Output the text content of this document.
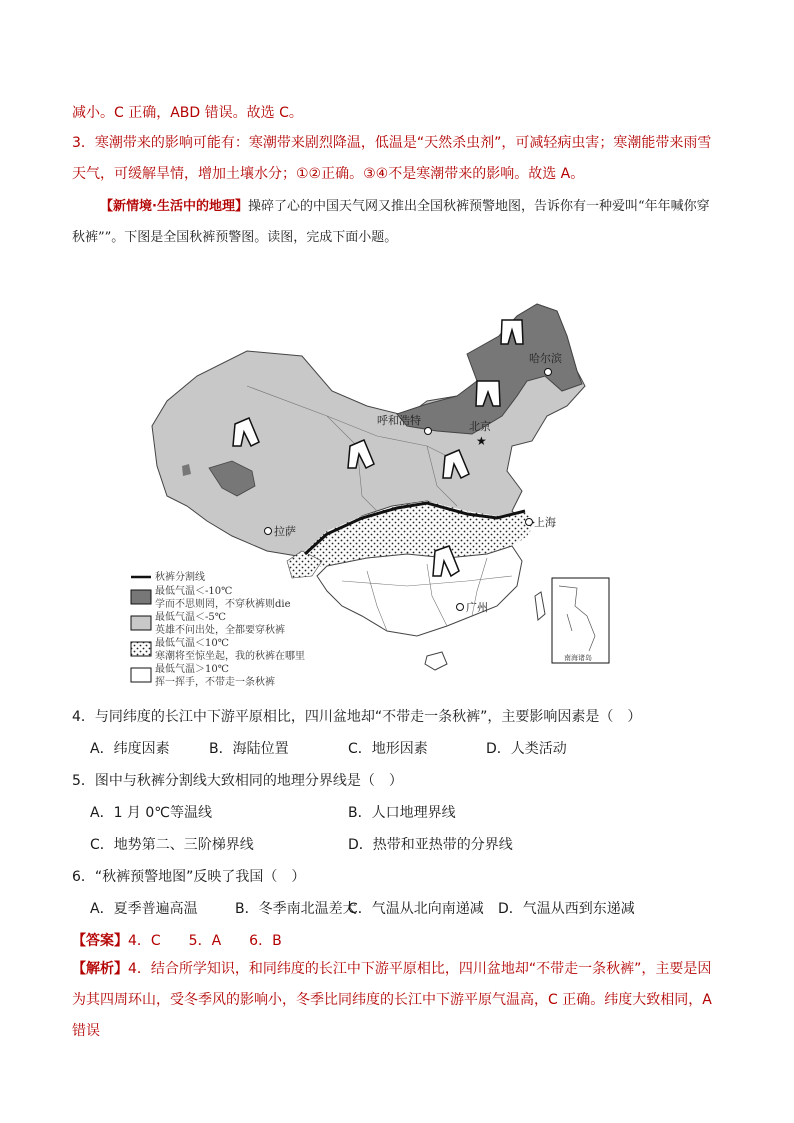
减小。C 正确，ABD 错误。故选 C。
3．寒潮带来的影响可能有：寒潮带来剧烈降温，低温是“天然杀虫剂”，可减轻病虫害；寒潮能带来雨雪天气，可缓解旱情，增加土壤水分；①②正确。③④不是寒潮带来的影响。故选 A。
【新情境·生活中的地理】操碎了心的中国天气网又推出全国秋裤预警地图，告诉你有一种爱叫“年年喊你穿秋裤””。下图是全国秋裤预警图。读图，完成下面小题。
哈尔滨
呼和浩特
★
北京
拉萨
上海
广州
南海诸岛
秋裤分割线
最低气温＜-10℃
学而不思则罔，不穿秋裤则die
最低气温＜-5℃
英雄不问出处，全都要穿秋裤
最低气温＜10℃
寒潮将至惊坐起，我的秋裤在哪里
最低气温＞10℃
挥一挥手，不带走一条秋裤
4．与同纬度的长江中下游平原相比，四川盆地却“不带走一条秋裤”，主要影响因素是（　）
A．纬度因素	B．海陆位置	C．地形因素	D．人类活动
5．图中与秋裤分割线大致相同的地理分界线是（　）
A．1 月 0℃等温线	B．人口地理界线
C．地势第二、三阶梯界线	D．热带和亚热带的分界线
6．“秋裤预警地图”反映了我国（　）
A．夏季普遍高温	B．冬季南北温差大
C．气温从北向南递减 D．气温从西到东递减
【答案】4．C　　5．A　　6．B
【解析】4．结合所学知识，和同纬度的长江中下游平原相比，四川盆地却“不带走一条秋裤”，主要是因为其四周环山，受冬季风的影响小，冬季比同纬度的长江中下游平原气温高，C 正确。纬度大致相同，A 错误
